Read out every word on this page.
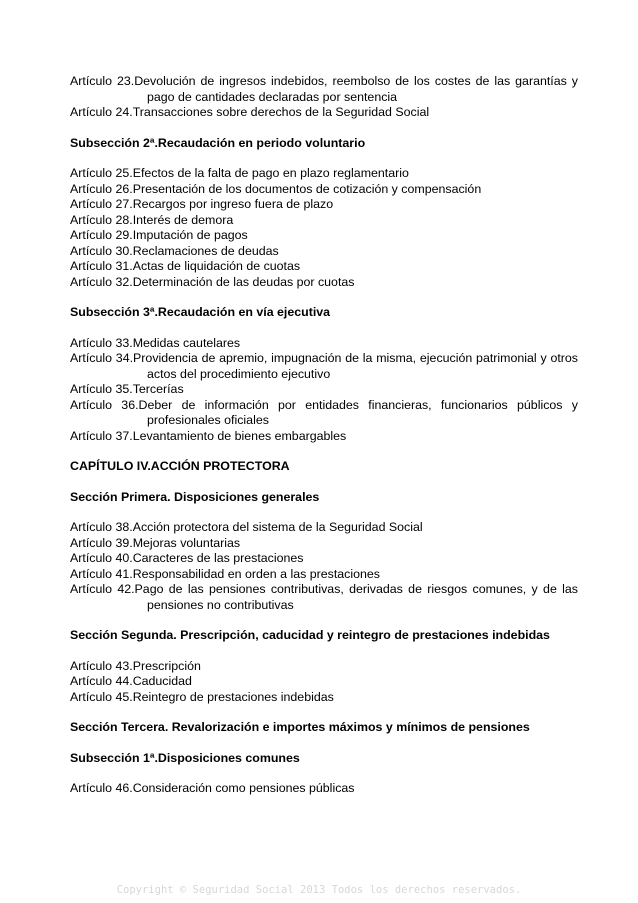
Artículo 23.Devolución de ingresos indebidos, reembolso de los costes de las garantías y pago de cantidades declaradas por sentencia
Artículo 24. Transacciones sobre derechos de la Seguridad Social
Subsección 2ª.Recaudación en periodo voluntario
Artículo 25. Efectos de la falta de pago en plazo reglamentario
Artículo 26. Presentación de los documentos de cotización y compensación
Artículo 27. Recargos por ingreso fuera de plazo
Artículo 28. Interés de demora
Artículo 29. Imputación de pagos
Artículo 30. Reclamaciones de deudas
Artículo 31. Actas de liquidación de cuotas
Artículo 32. Determinación de las deudas por cuotas
Subsección 3ª.Recaudación en vía ejecutiva
Artículo 33. Medidas cautelares
Artículo 34.Providencia de apremio, impugnación de la misma, ejecución patrimonial y otros actos del procedimiento ejecutivo
Artículo 35. Tercerías
Artículo 36.Deber de información por entidades financieras, funcionarios públicos y profesionales oficiales
Artículo 37. Levantamiento de bienes embargables
CAPÍTULO IV.ACCIÓN PROTECTORA
Sección Primera. Disposiciones generales
Artículo 38. Acción protectora del sistema de la Seguridad Social
Artículo 39. Mejoras voluntarias
Artículo 40. Caracteres de las prestaciones
Artículo 41. Responsabilidad en orden a las prestaciones
Artículo 42.Pago de las pensiones contributivas, derivadas de riesgos comunes, y de las pensiones no contributivas
Sección Segunda. Prescripción, caducidad y reintegro de prestaciones indebidas
Artículo 43. Prescripción
Artículo 44. Caducidad
Artículo 45. Reintegro de prestaciones indebidas
Sección Tercera. Revalorización e importes máximos y mínimos de pensiones
Subsección 1ª.Disposiciones comunes
Artículo 46. Consideración como pensiones públicas
Copyright © Seguridad Social 2013 Todos los derechos reservados.
